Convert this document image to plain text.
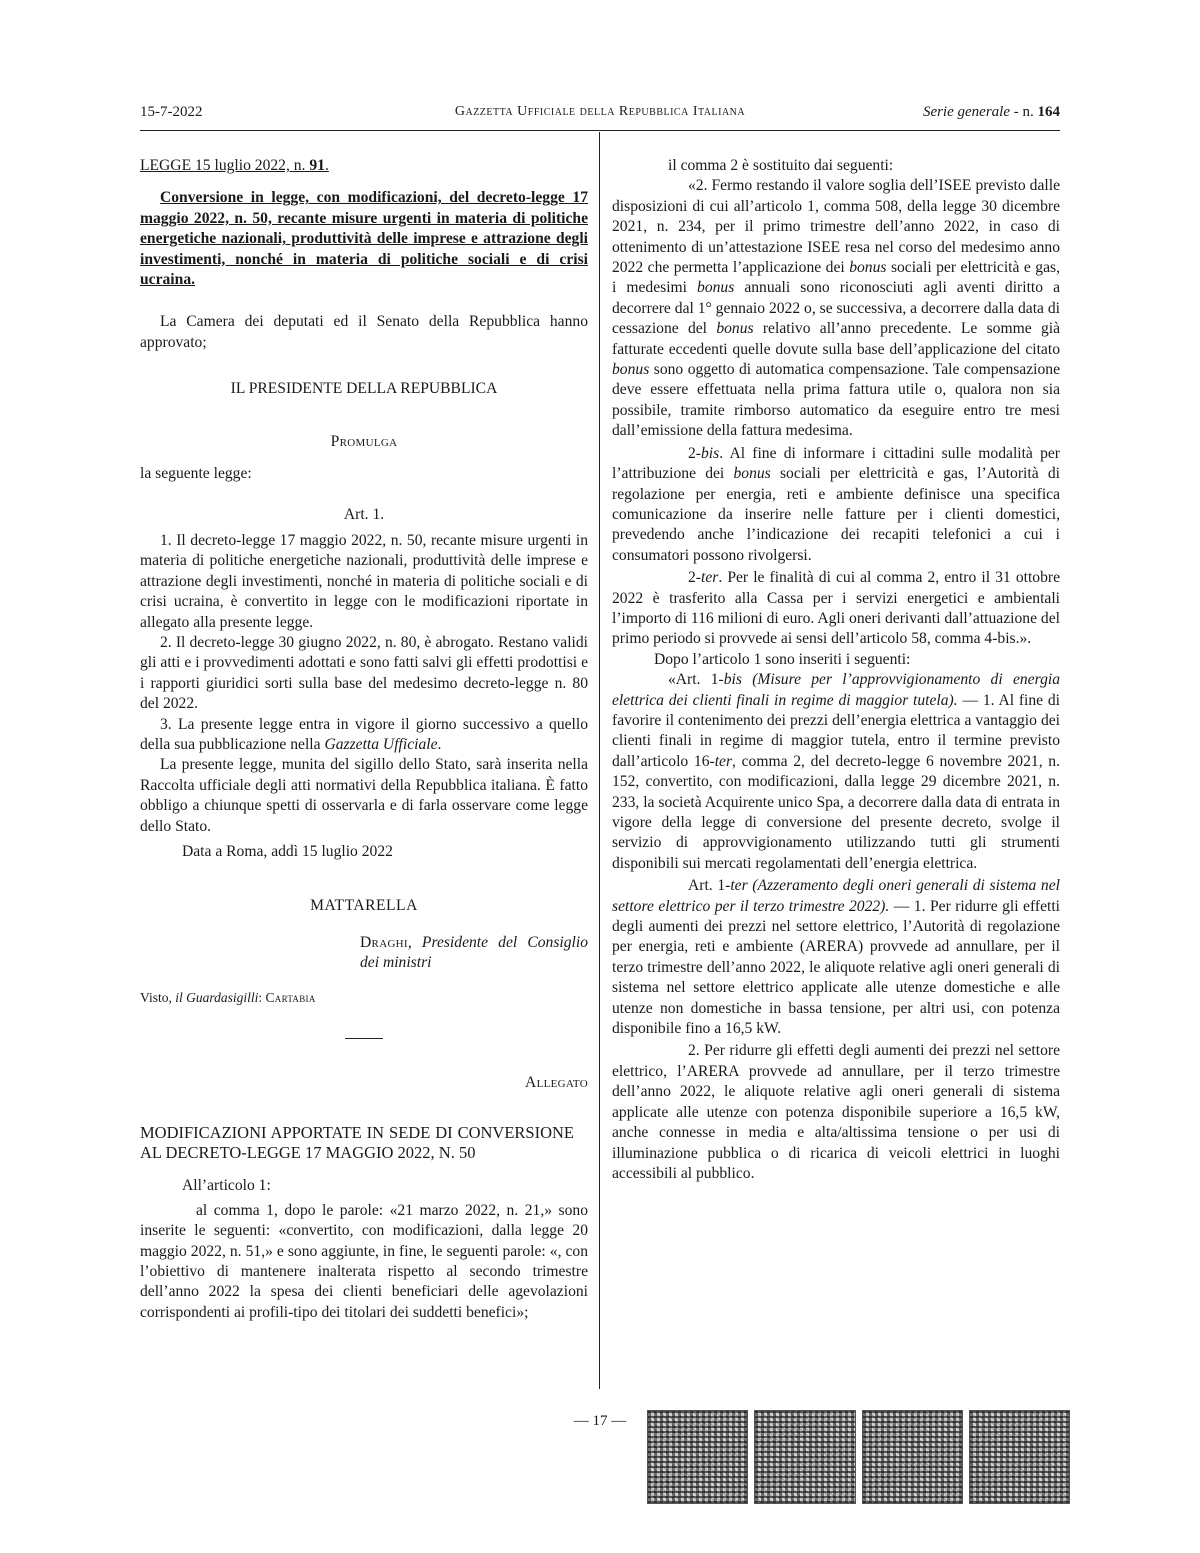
15-7-2022	Gazzetta Ufficiale della Repubblica Italiana	Serie generale - n. 164

LEGGE 15 luglio 2022, n. 91.

Conversione in legge, con modificazioni, del decreto-legge 17 maggio 2022, n. 50, recante misure urgenti in materia di politiche energetiche nazionali, produttività delle imprese e attrazione degli investimenti, nonché in materia di politiche sociali e di crisi ucraina.

La Camera dei deputati ed il Senato della Repubblica hanno approvato;

IL PRESIDENTE DELLA REPUBBLICA

Promulga

la seguente legge:

Art. 1.

1. Il decreto-legge 17 maggio 2022, n. 50, recante misure urgenti in materia di politiche energetiche nazionali, produttività delle imprese e attrazione degli investimenti, nonché in materia di politiche sociali e di crisi ucraina, è convertito in legge con le modificazioni riportate in allegato alla presente legge.

2. Il decreto-legge 30 giugno 2022, n. 80, è abrogato. Restano validi gli atti e i provvedimenti adottati e sono fatti salvi gli effetti prodottisi e i rapporti giuridici sorti sulla base del medesimo decreto-legge n. 80 del 2022.

3. La presente legge entra in vigore il giorno successivo a quello della sua pubblicazione nella Gazzetta Ufficiale.

La presente legge, munita del sigillo dello Stato, sarà inserita nella Raccolta ufficiale degli atti normativi della Repubblica italiana. È fatto obbligo a chiunque spetti di osservarla e di farla osservare come legge dello Stato.

Data a Roma, addì 15 luglio 2022

MATTARELLA

Draghi, Presidente del Consiglio dei ministri

Visto, il Guardasigilli: Cartabia

Allegato

MODIFICAZIONI APPORTATE IN SEDE DI CONVERSIONE AL DECRETO-LEGGE 17 MAGGIO 2022, N. 50

All’articolo 1:

al comma 1, dopo le parole: «21 marzo 2022, n. 21,» sono inserite le seguenti: «convertito, con modificazioni, dalla legge 20 maggio 2022, n. 51,» e sono aggiunte, in fine, le seguenti parole: «, con l’obiettivo di mantenere inalterata rispetto al secondo trimestre dell’anno 2022 la spesa dei clienti beneficiari delle agevolazioni corrispondenti ai profili-tipo dei titolari dei suddetti benefici»;

il comma 2 è sostituito dai seguenti:

«2. Fermo restando il valore soglia dell’ISEE previsto dalle disposizioni di cui all’articolo 1, comma 508, della legge 30 dicembre 2021, n. 234, per il primo trimestre dell’anno 2022, in caso di ottenimento di un’attestazione ISEE resa nel corso del medesimo anno 2022 che permetta l’applicazione dei bonus sociali per elettricità e gas, i medesimi bonus annuali sono riconosciuti agli aventi diritto a decorrere dal 1° gennaio 2022 o, se successiva, a decorrere dalla data di cessazione del bonus relativo all’anno precedente. Le somme già fatturate eccedenti quelle dovute sulla base dell’applicazione del citato bonus sono oggetto di automatica compensazione. Tale compensazione deve essere effettuata nella prima fattura utile o, qualora non sia possibile, tramite rimborso automatico da eseguire entro tre mesi dall’emissione della fattura medesima.

2-bis. Al fine di informare i cittadini sulle modalità per l’attribuzione dei bonus sociali per elettricità e gas, l’Autorità di regolazione per energia, reti e ambiente definisce una specifica comunicazione da inserire nelle fatture per i clienti domestici, prevedendo anche l’indicazione dei recapiti telefonici a cui i consumatori possono rivolgersi.

2-ter. Per le finalità di cui al comma 2, entro il 31 ottobre 2022 è trasferito alla Cassa per i servizi energetici e ambientali l’importo di 116 milioni di euro. Agli oneri derivanti dall’attuazione del primo periodo si provvede ai sensi dell’articolo 58, comma 4-bis.».

Dopo l’articolo 1 sono inseriti i seguenti:

«Art. 1-bis (Misure per l’approvvigionamento di energia elettrica dei clienti finali in regime di maggior tutela). — 1. Al fine di favorire il contenimento dei prezzi dell’energia elettrica a vantaggio dei clienti finali in regime di maggior tutela, entro il termine previsto dall’articolo 16-ter, comma 2, del decreto-legge 6 novembre 2021, n. 152, convertito, con modificazioni, dalla legge 29 dicembre 2021, n. 233, la società Acquirente unico Spa, a decorrere dalla data di entrata in vigore della legge di conversione del presente decreto, svolge il servizio di approvvigionamento utilizzando tutti gli strumenti disponibili sui mercati regolamentati dell’energia elettrica.

Art. 1-ter (Azzeramento degli oneri generali di sistema nel settore elettrico per il terzo trimestre 2022). — 1. Per ridurre gli effetti degli aumenti dei prezzi nel settore elettrico, l’Autorità di regolazione per energia, reti e ambiente (ARERA) provvede ad annullare, per il terzo trimestre dell’anno 2022, le aliquote relative agli oneri generali di sistema nel settore elettrico applicate alle utenze domestiche e alle utenze non domestiche in bassa tensione, per altri usi, con potenza disponibile fino a 16,5 kW.

2. Per ridurre gli effetti degli aumenti dei prezzi nel settore elettrico, l’ARERA provvede ad annullare, per il terzo trimestre dell’anno 2022, le aliquote relative agli oneri generali di sistema applicate alle utenze con potenza disponibile superiore a 16,5 kW, anche connesse in media e alta/altissima tensione o per usi di illuminazione pubblica o di ricarica di veicoli elettrici in luoghi accessibili al pubblico.

— 17 —
